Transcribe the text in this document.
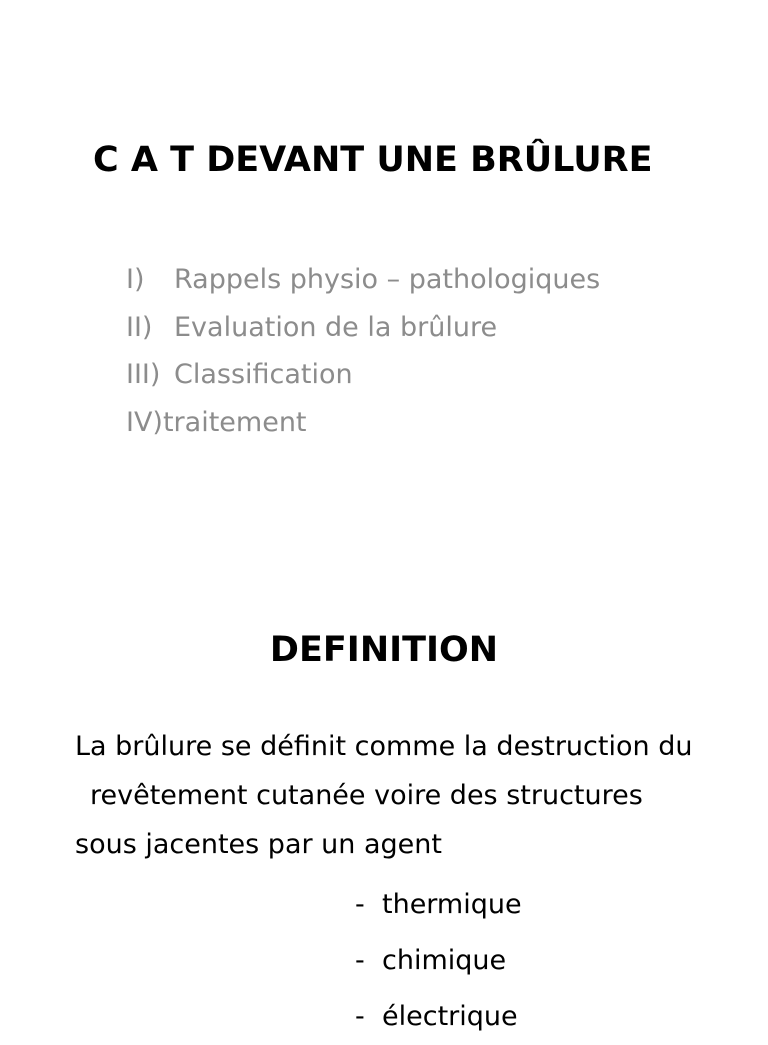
C A T DEVANT UNE BRÛLURE
I)	Rappels physio – pathologiques
II) Evaluation de la brûlure
III) Classification
IV) traitement
DEFINITION
La brûlure se définit comme la destruction du
revêtement cutanée voire des structures
sous jacentes par un agent
- thermique
- chimique
- électrique
